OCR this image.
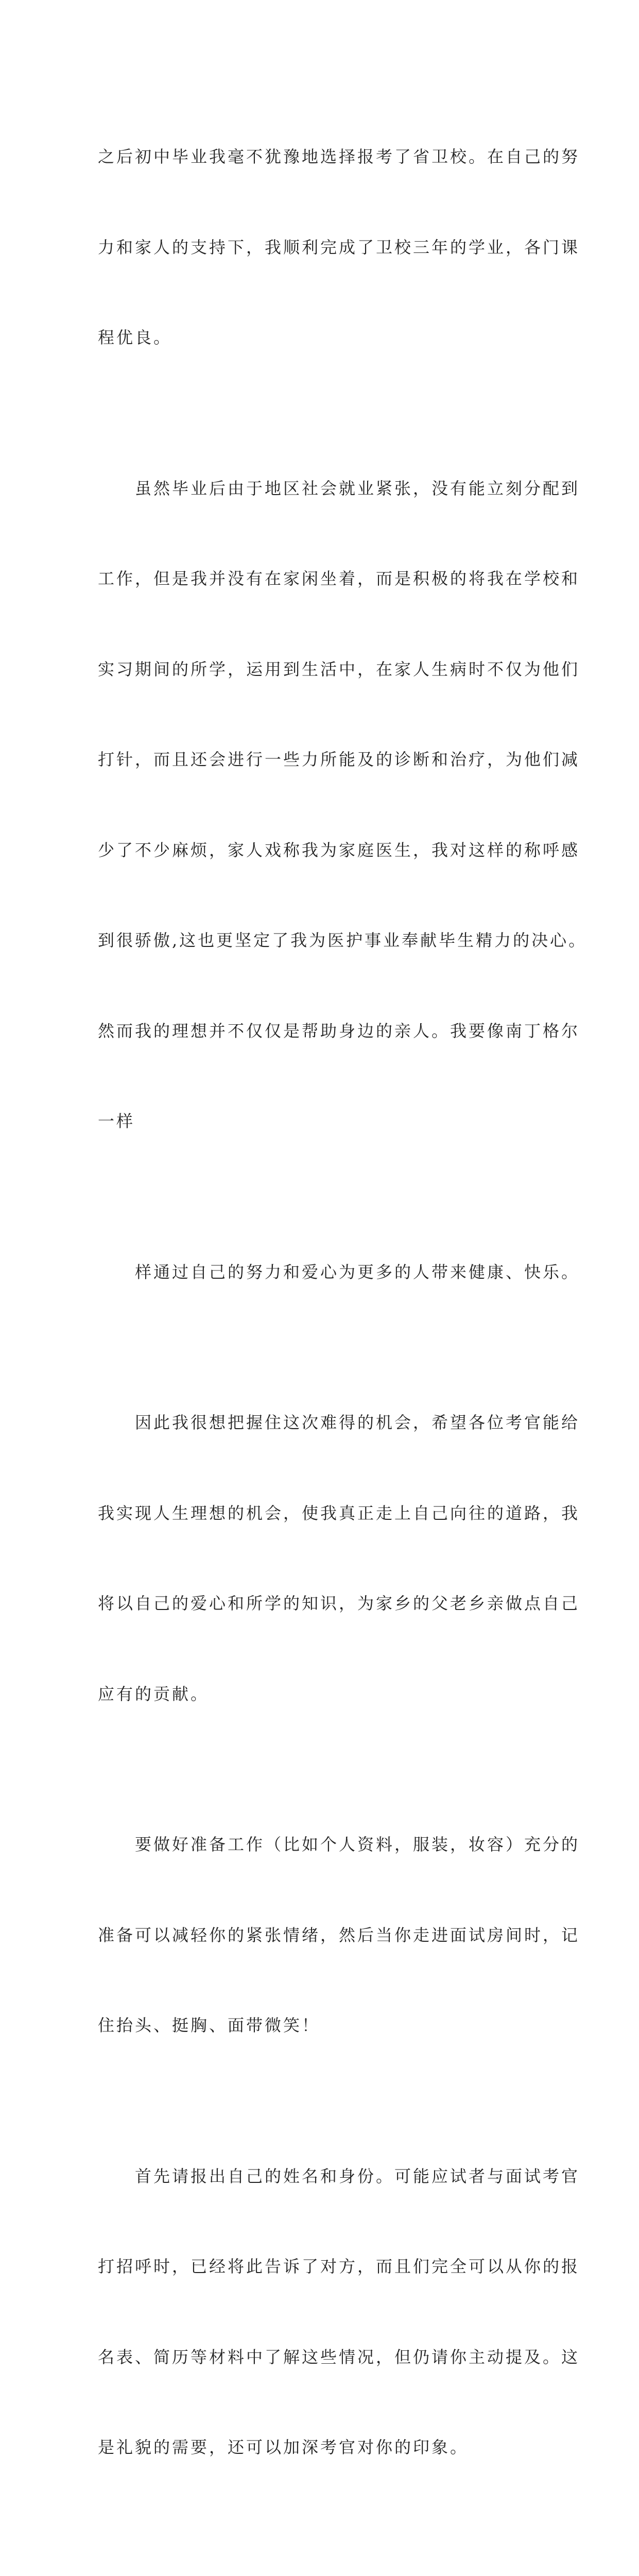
之后初中毕业我毫不犹豫地选择报考了省卫校。在自己的努

力和家人的支持下，我顺利完成了卫校三年的学业，各门课

程优良。

　　虽然毕业后由于地区社会就业紧张，没有能立刻分配到

工作，但是我并没有在家闲坐着，而是积极的将我在学校和

实习期间的所学，运用到生活中，在家人生病时不仅为他们

打针，而且还会进行一些力所能及的诊断和治疗，为他们减

少了不少麻烦，家人戏称我为家庭医生，我对这样的称呼感

到很骄傲,这也更坚定了我为医护事业奉献毕生精力的决心。

然而我的理想并不仅仅是帮助身边的亲人。我要像南丁格尔

一样

　　样通过自己的努力和爱心为更多的人带来健康、快乐。

　　因此我很想把握住这次难得的机会，希望各位考官能给

我实现人生理想的机会，使我真正走上自己向往的道路，我

将以自己的爱心和所学的知识，为家乡的父老乡亲做点自己

应有的贡献。

　　要做好准备工作（比如个人资料，服装，妆容）充分的

准备可以减轻你的紧张情绪，然后当你走进面试房间时，记

住抬头、挺胸、面带微笑！

　　首先请报出自己的姓名和身份。可能应试者与面试考官

打招呼时，已经将此告诉了对方，而且们完全可以从你的报

名表、简历等材料中了解这些情况，但仍请你主动提及。这

是礼貌的需要，还可以加深考官对你的印象。
